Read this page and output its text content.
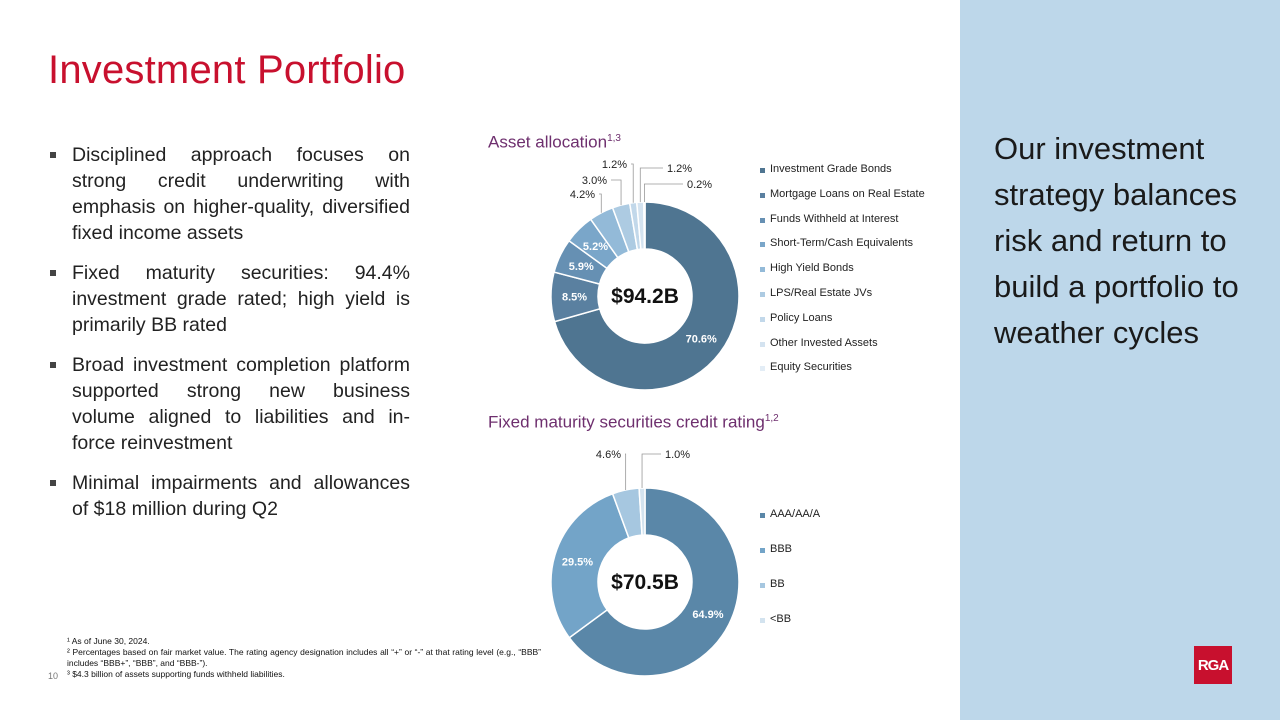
Investment Portfolio
Disciplined approach focuses on strong credit underwriting with emphasis on higher-quality, diversified fixed income assets
Fixed maturity securities: 94.4% investment grade rated; high yield is primarily BB rated
Broad investment completion platform supported strong new business volume aligned to liabilities and in-force reinvestment
Minimal impairments and allowances of $18 million during Q2
Asset allocation$^{1,3}$
70.6%
8.5%
5.9%
5.2%
4.2%
3.0%
1.2%	1.2%
0.2%
$94.2B
Investment Grade Bonds
Mortgage Loans on Real Estate
Funds Withheld at Interest
Short-Term/Cash Equivalents
High Yield Bonds
LPS/Real Estate JVs
Policy Loans
Other Invested Assets
Equity Securities
Fixed maturity securities credit rating$^{1,2}$
64.9%
29.5%
4.6%	1.0%
$70.5B
AAA/AA/A
BBB
BB
<BB
¹ As of June 30, 2024.
² Percentages based on fair market value. The rating agency designation includes all “+” or “-” at that rating level (e.g., “BBB” includes “BBB+”, “BBB”, and “BBB-”).
³ $4.3 billion of assets supporting funds withheld liabilities.
10

Our investment strategy balances risk and return to build a portfolio to weather cycles

RGA
